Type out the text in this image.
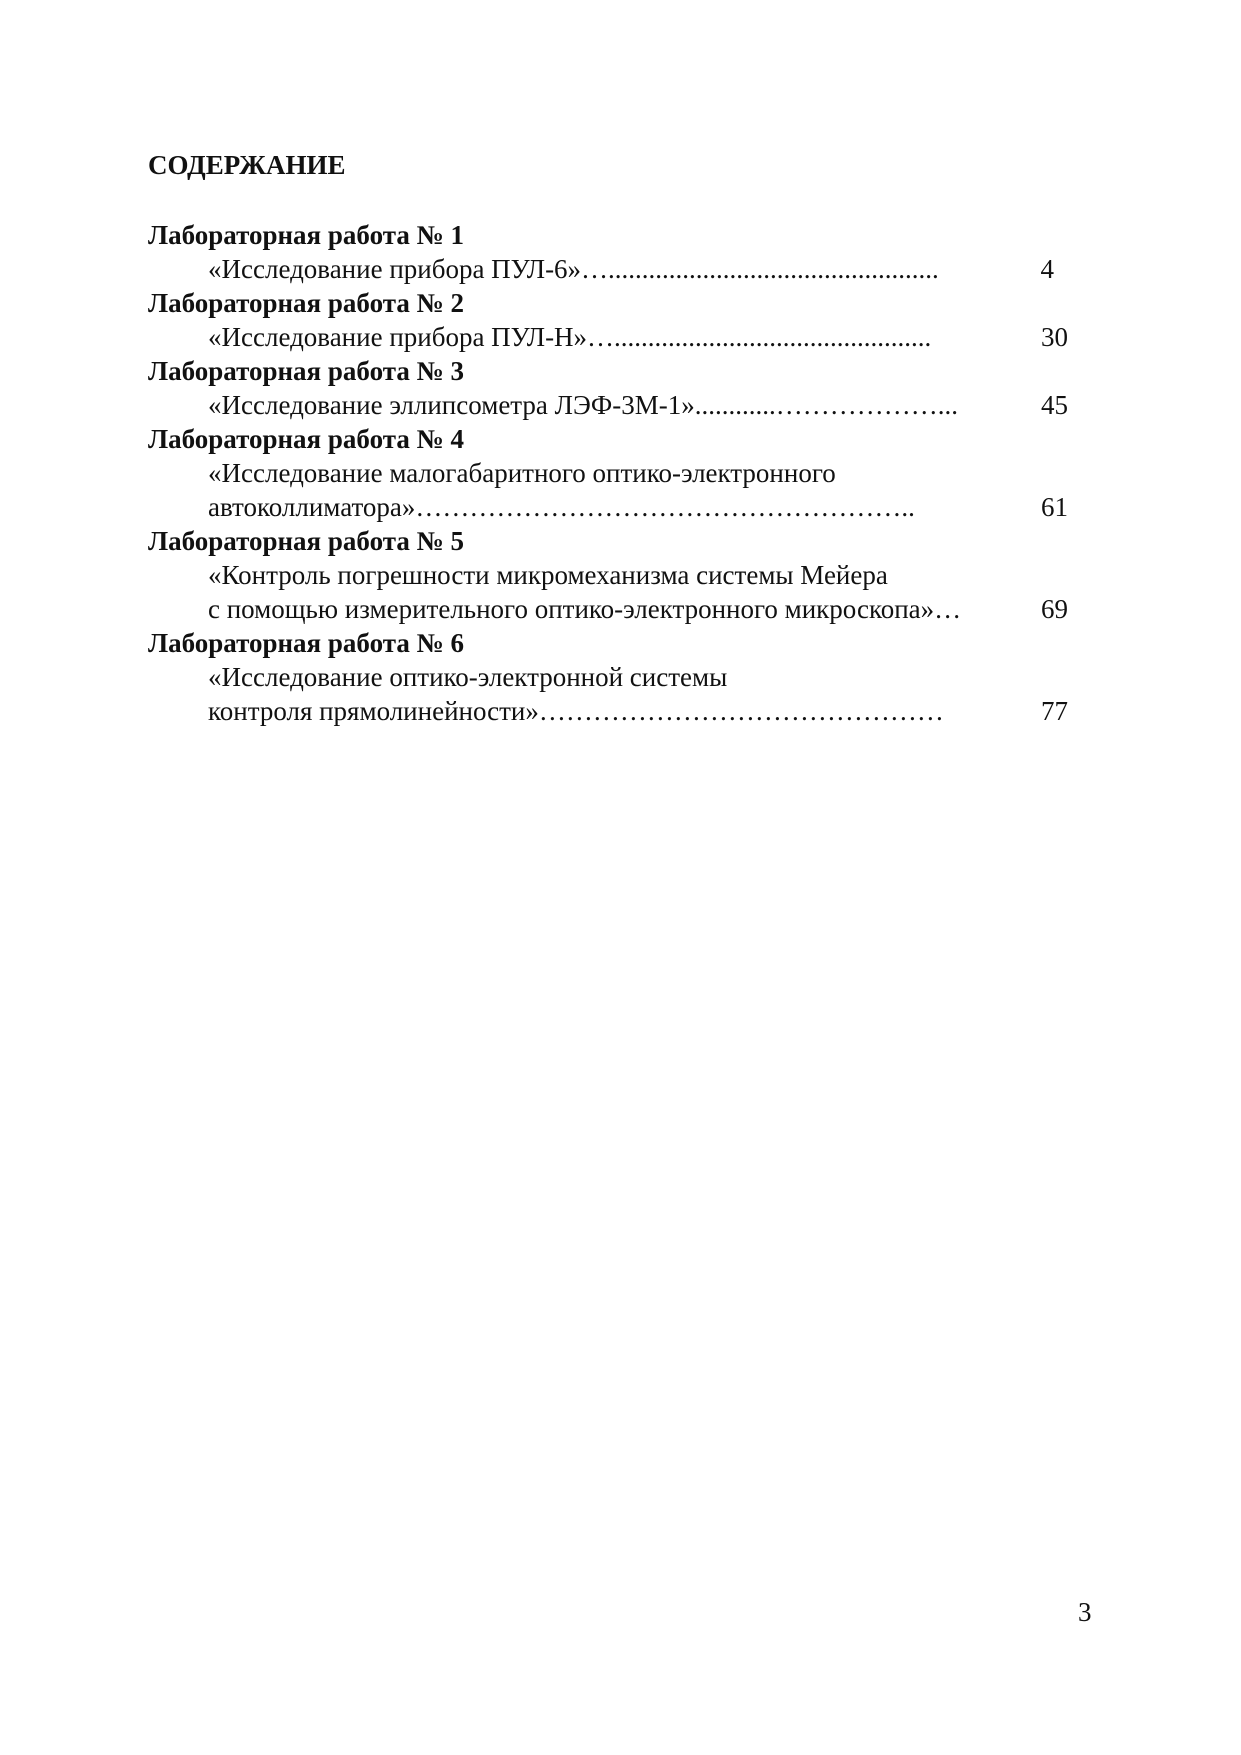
СОДЕРЖАНИЕ
Лабораторная работа № 1
«Исследование прибора ПУЛ-6»….................................................	4
Лабораторная работа № 2
«Исследование прибора ПУЛ-Н»…...............................................	30
Лабораторная работа № 3
«Исследование эллипсометра ЛЭФ-3М-1»............………………...	45
Лабораторная работа № 4
«Исследование малогабаритного оптико-электронного
автоколлиматора»………………………………………………..	61
Лабораторная работа № 5
«Контроль погрешности микромеханизма системы Мейера
с помощью измерительного оптико-электронного микроскопа»…	69
Лабораторная работа № 6
«Исследование оптико-электронной системы
контроля прямолинейности»………………………………………	77
3
